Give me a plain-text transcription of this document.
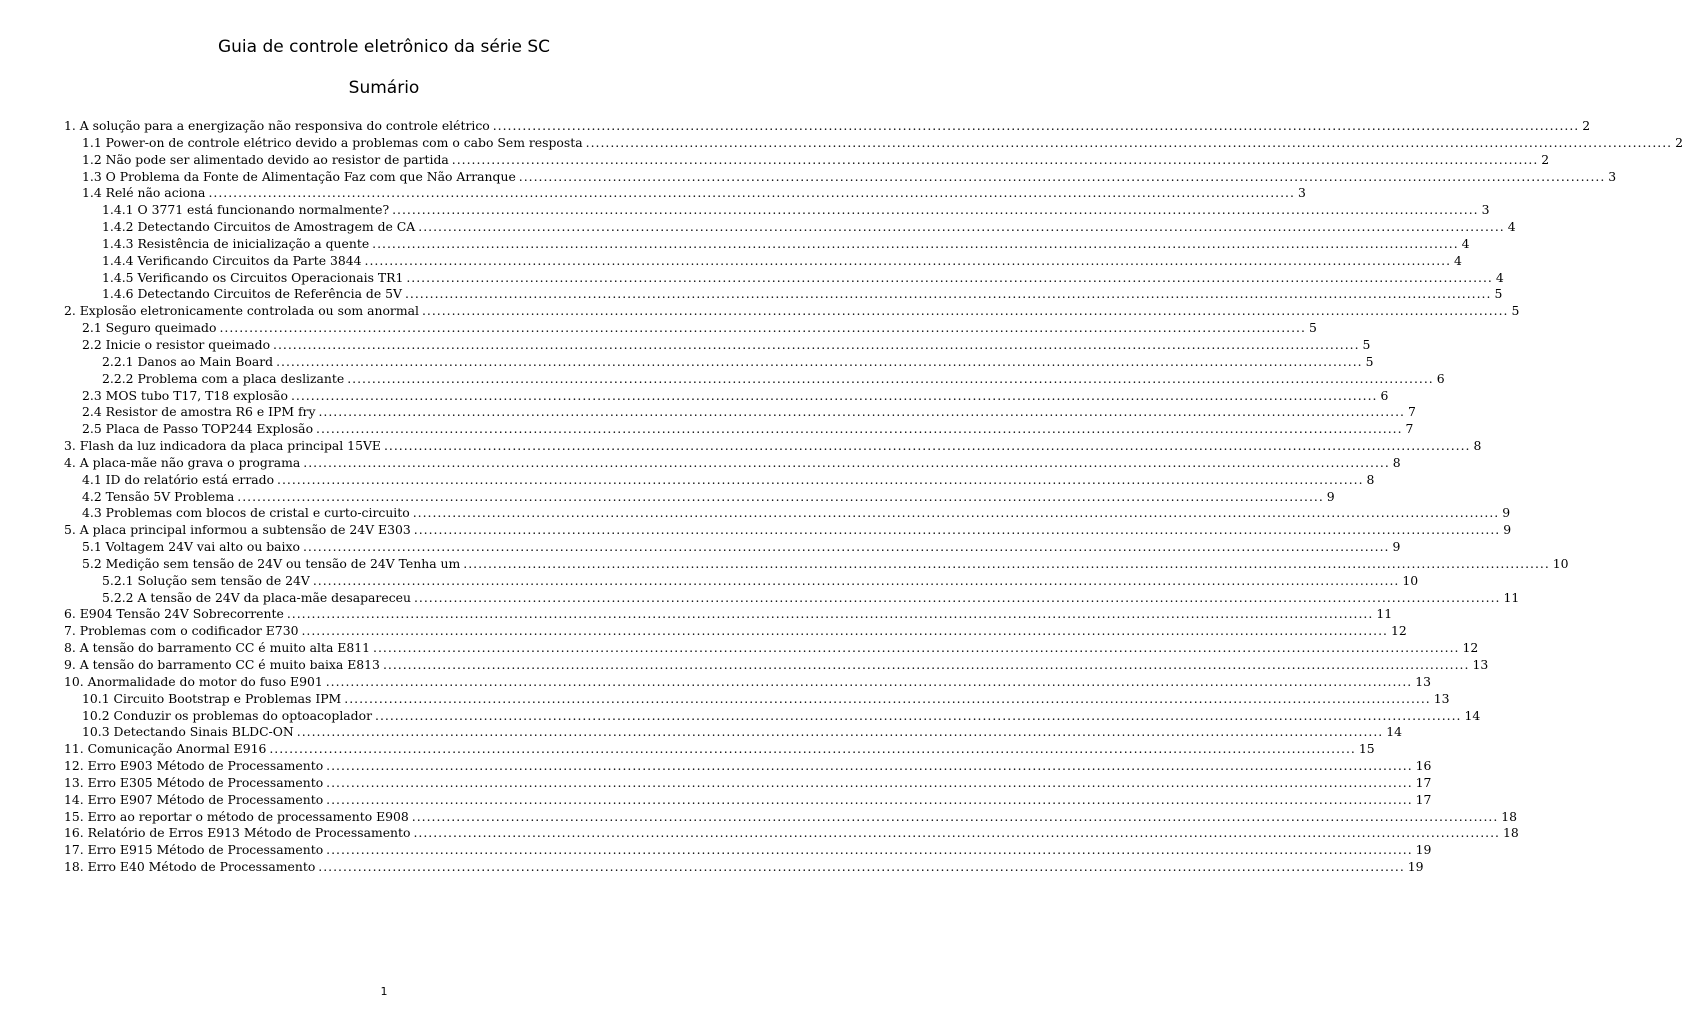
Guia de controle eletrônico da série SC
Sumário
1. A solução para a energização não responsiva do controle elétrico ............................................................................................................................................................................................................................ 2
1.1 Power-on de controle elétrico devido a problemas com o cabo Sem resposta ............................................................................................................................................................................................................................ 2
1.2 Não pode ser alimentado devido ao resistor de partida ............................................................................................................................................................................................................................ 2
1.3 O Problema da Fonte de Alimentação Faz com que Não Arranque ............................................................................................................................................................................................................................ 3
1.4 Relé não aciona ............................................................................................................................................................................................................................ 3
1.4.1 O 3771 está funcionando normalmente? ............................................................................................................................................................................................................................ 3
1.4.2 Detectando Circuitos de Amostragem de CA ............................................................................................................................................................................................................................ 4
1.4.3 Resistência de inicialização a quente ............................................................................................................................................................................................................................ 4
1.4.4 Verificando Circuitos da Parte 3844 ............................................................................................................................................................................................................................ 4
1.4.5 Verificando os Circuitos Operacionais TR1 ............................................................................................................................................................................................................................ 4
1.4.6 Detectando Circuitos de Referência de 5V ............................................................................................................................................................................................................................ 5
2. Explosão eletronicamente controlada ou som anormal ............................................................................................................................................................................................................................ 5
2.1 Seguro queimado ............................................................................................................................................................................................................................ 5
2.2 Inicie o resistor queimado ............................................................................................................................................................................................................................ 5
2.2.1 Danos ao Main Board ............................................................................................................................................................................................................................ 5
2.2.2 Problema com a placa deslizante ............................................................................................................................................................................................................................ 6
2.3 MOS tubo T17, T18 explosão ............................................................................................................................................................................................................................ 6
2.4 Resistor de amostra R6 e IPM fry ............................................................................................................................................................................................................................ 7
2.5 Placa de Passo TOP244 Explosão ............................................................................................................................................................................................................................ 7
3. Flash da luz indicadora da placa principal 15VE ............................................................................................................................................................................................................................ 8
4. A placa-mãe não grava o programa ............................................................................................................................................................................................................................ 8
4.1 ID do relatório está errado ............................................................................................................................................................................................................................ 8
4.2 Tensão 5V Problema ............................................................................................................................................................................................................................ 9
4.3 Problemas com blocos de cristal e curto-circuito ............................................................................................................................................................................................................................ 9
5. A placa principal informou a subtensão de 24V E303 ............................................................................................................................................................................................................................ 9
5.1 Voltagem 24V vai alto ou baixo ............................................................................................................................................................................................................................ 9
5.2 Medição sem tensão de 24V ou tensão de 24V Tenha um ............................................................................................................................................................................................................................ 10
5.2.1 Solução sem tensão de 24V ............................................................................................................................................................................................................................ 10
5.2.2 A tensão de 24V da placa-mãe desapareceu ............................................................................................................................................................................................................................ 11
6. E904 Tensão 24V Sobrecorrente ............................................................................................................................................................................................................................ 11
7. Problemas com o codificador E730 ............................................................................................................................................................................................................................ 12
8. A tensão do barramento CC é muito alta E811 ............................................................................................................................................................................................................................ 12
9. A tensão do barramento CC é muito baixa E813 ............................................................................................................................................................................................................................ 13
10. Anormalidade do motor do fuso E901 ............................................................................................................................................................................................................................ 13
10.1 Circuito Bootstrap e Problemas IPM ............................................................................................................................................................................................................................ 13
10.2 Conduzir os problemas do optoacoplador ............................................................................................................................................................................................................................ 14
10.3 Detectando Sinais BLDC-ON ............................................................................................................................................................................................................................ 14
11. Comunicação Anormal E916 ............................................................................................................................................................................................................................ 15
12. Erro E903 Método de Processamento ............................................................................................................................................................................................................................ 16
13. Erro E305 Método de Processamento ............................................................................................................................................................................................................................ 17
14. Erro E907 Método de Processamento ............................................................................................................................................................................................................................ 17
15. Erro ao reportar o método de processamento E908 ............................................................................................................................................................................................................................ 18
16. Relatório de Erros E913 Método de Processamento ............................................................................................................................................................................................................................ 18
17. Erro E915 Método de Processamento ............................................................................................................................................................................................................................ 19
18. Erro E40 Método de Processamento ............................................................................................................................................................................................................................ 19
1
